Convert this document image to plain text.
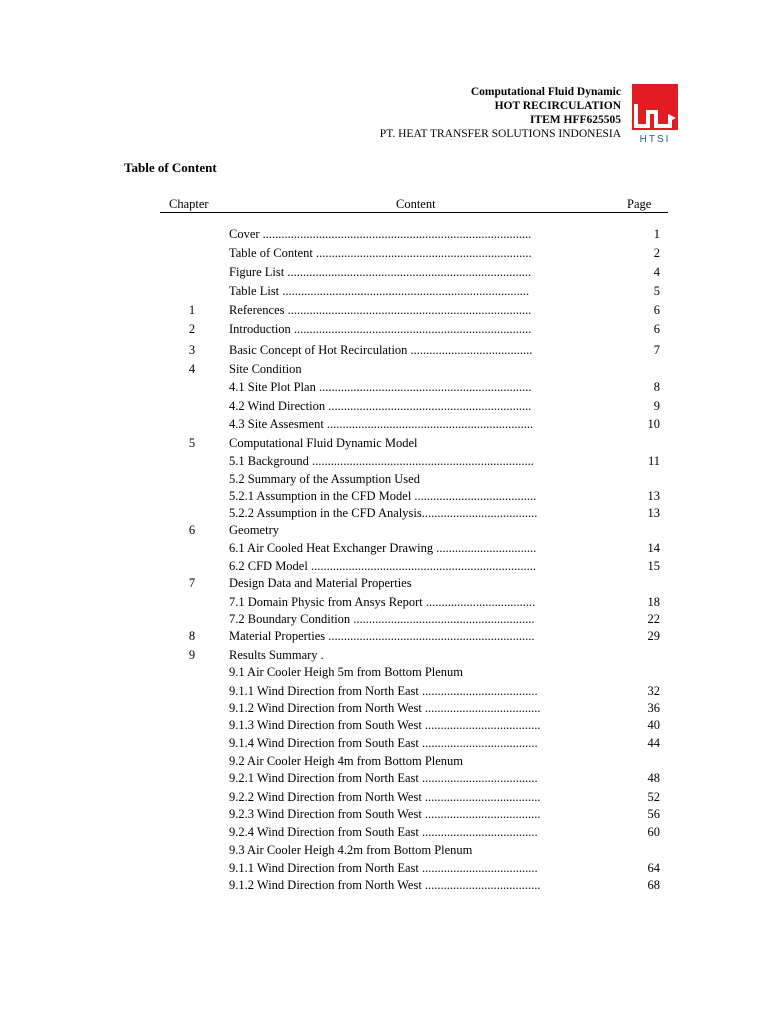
Computational Fluid Dynamic
HOT RECIRCULATION
ITEM HFF625505
PT. HEAT TRANSFER SOLUTIONS INDONESIA HTSI
Table of Content
Chapter	Content	Page
Cover ......................................................................................	1
Table of Content .....................................................................	2
Figure List ..............................................................................	4
Table List ...............................................................................	5
1	References ..............................................................................	6
2	Introduction ............................................................................	6
3	Basic Concept of Hot Recirculation .......................................	7
4	Site Condition
4.1 Site Plot Plan ....................................................................	8
4.2 Wind Direction .................................................................	9
4.3 Site Assesment ..................................................................	10
5	Computational Fluid Dynamic Model
5.1 Background .......................................................................	11
5.2 Summary of the Assumption Used
5.2.1 Assumption in the CFD Model .......................................	13
5.2.2 Assumption in the CFD Analysis.....................................	13
6	Geometry
6.1 Air Cooled Heat Exchanger Drawing ................................	14
6.2 CFD Model ........................................................................	15
7	Design Data and Material Properties
7.1 Domain Physic from Ansys Report ...................................	18
7.2 Boundary Condition ..........................................................	22
8	Material Properties ..................................................................	29
9	Results Summary .
9.1 Air Cooler Heigh 5m from Bottom Plenum
9.1.1 Wind Direction from North East .....................................	32
9.1.2 Wind Direction from North West .....................................	36
9.1.3 Wind Direction from South West .....................................	40
9.1.4 Wind Direction from South East .....................................	44
9.2 Air Cooler Heigh 4m from Bottom Plenum
9.2.1 Wind Direction from North East .....................................	48
9.2.2 Wind Direction from North West .....................................	52
9.2.3 Wind Direction from South West .....................................	56
9.2.4 Wind Direction from South East .....................................	60
9.3 Air Cooler Heigh 4.2m from Bottom Plenum
9.1.1 Wind Direction from North East .....................................	64
9.1.2 Wind Direction from North West .....................................	68
